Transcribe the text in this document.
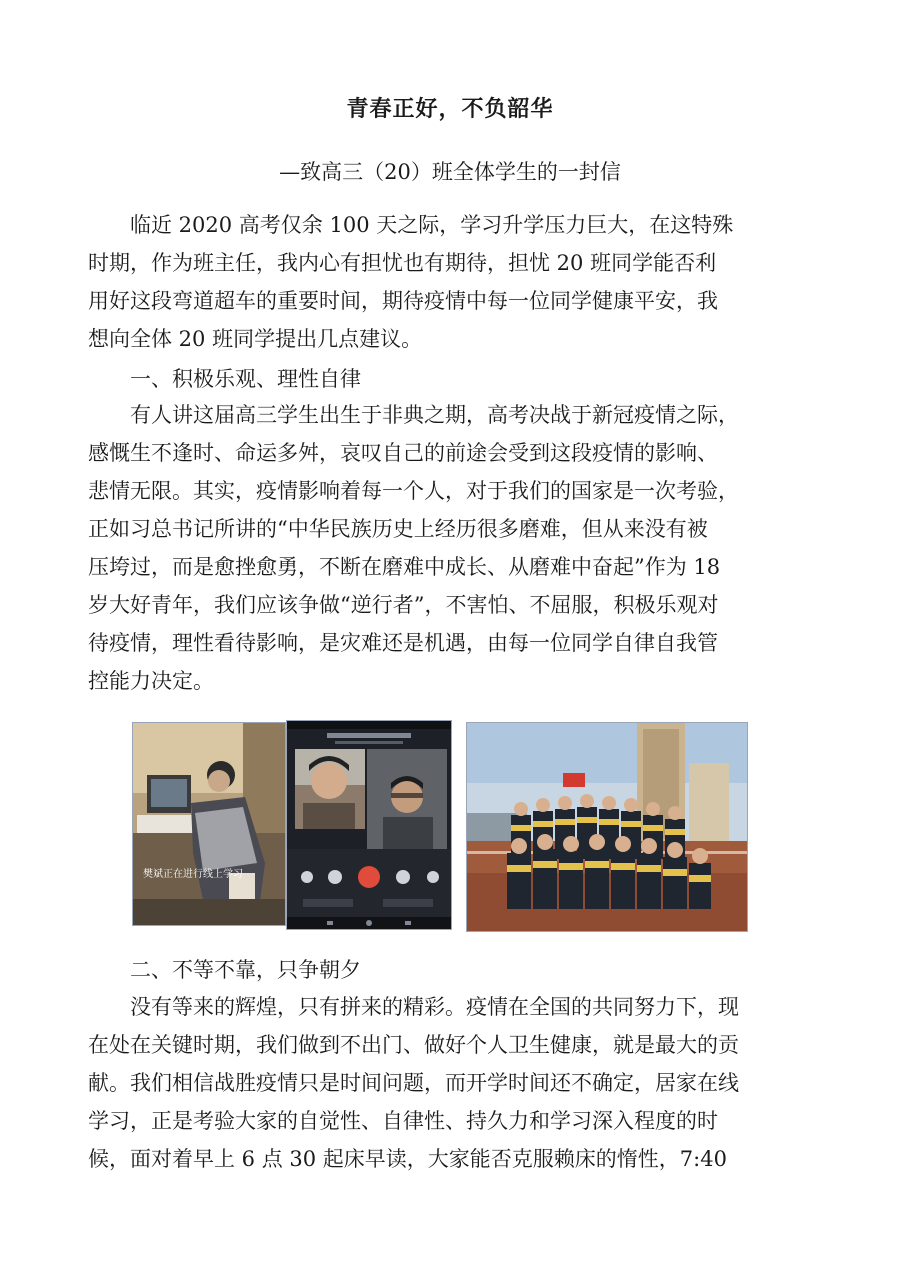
青春正好，不负韶华
—致高三（20）班全体学生的一封信
临近 2020 高考仅余 100 天之际，学习升学压力巨大，在这特殊
时期，作为班主任，我内心有担忧也有期待，担忧 20 班同学能否利
用好这段弯道超车的重要时间，期待疫情中每一位同学健康平安，我
想向全体 20 班同学提出几点建议。
一、积极乐观、理性自律
有人讲这届高三学生出生于非典之期，高考决战于新冠疫情之际，
感慨生不逢时、命运多舛，哀叹自己的前途会受到这段疫情的影响、
悲情无限。其实，疫情影响着每一个人，对于我们的国家是一次考验，
正如习总书记所讲的“中华民族历史上经历很多磨难，但从来没有被
压垮过，而是愈挫愈勇，不断在磨难中成长、从磨难中奋起”作为 18
岁大好青年，我们应该争做“逆行者”，不害怕、不屈服，积极乐观对
待疫情，理性看待影响，是灾难还是机遇，由每一位同学自律自我管
控能力决定。
樊斌正在进行线上学习
二、不等不靠，只争朝夕
没有等来的辉煌，只有拼来的精彩。疫情在全国的共同努力下，现
在处在关键时期，我们做到不出门、做好个人卫生健康，就是最大的贡
献。我们相信战胜疫情只是时间问题，而开学时间还不确定，居家在线
学习，正是考验大家的自觉性、自律性、持久力和学习深入程度的时
候，面对着早上 6 点 30 起床早读，大家能否克服赖床的惰性，7:40
